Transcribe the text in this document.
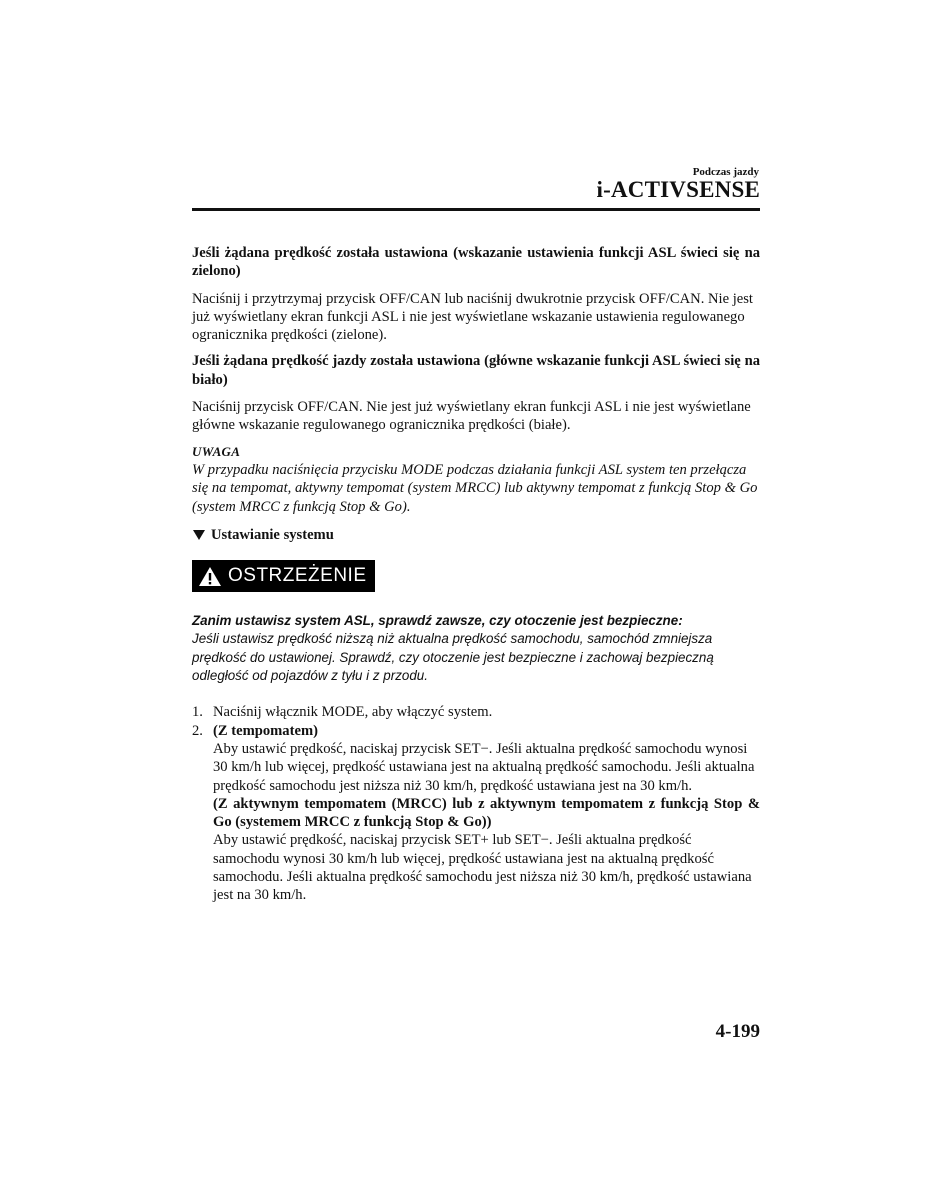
Podczas jazdy
i-ACTIVSENSE

Jeśli żądana prędkość została ustawiona (wskazanie ustawienia funkcji ASL świeci się na zielono)

Naciśnij i przytrzymaj przycisk OFF/CAN lub naciśnij dwukrotnie przycisk OFF/CAN. Nie jest już wyświetlany ekran funkcji ASL i nie jest wyświetlane wskazanie ustawienia regulowanego ogranicznika prędkości (zielone).

Jeśli żądana prędkość jazdy została ustawiona (główne wskazanie funkcji ASL świeci się na biało)

Naciśnij przycisk OFF/CAN. Nie jest już wyświetlany ekran funkcji ASL i nie jest wyświetlane główne wskazanie regulowanego ogranicznika prędkości (białe).

UWAGA

W przypadku naciśnięcia przycisku MODE podczas działania funkcji ASL system ten przełącza się na tempomat, aktywny tempomat (system MRCC) lub aktywny tempomat z funkcją Stop & Go (system MRCC z funkcją Stop & Go).

Ustawianie systemu
OSTRZEŻENIE
Zanim ustawisz system ASL, sprawdź zawsze, czy otoczenie jest bezpieczne:
Jeśli ustawisz prędkość niższą niż aktualna prędkość samochodu, samochód zmniejsza prędkość do ustawionej. Sprawdź, czy otoczenie jest bezpieczne i zachowaj bezpieczną odległość od pojazdów z tyłu i z przodu.
1. Naciśnij włącznik MODE, aby włączyć system.

2. (Z tempomatem)

Aby ustawić prędkość, naciskaj przycisk SET−. Jeśli aktualna prędkość samochodu wynosi 30 km/h lub więcej, prędkość ustawiana jest na aktualną prędkość samochodu. Jeśli aktualna prędkość samochodu jest niższa niż 30 km/h, prędkość ustawiana jest na 30 km/h.

(Z aktywnym tempomatem (MRCC) lub z aktywnym tempomatem z funkcją Stop & Go (systemem MRCC z funkcją Stop & Go))

Aby ustawić prędkość, naciskaj przycisk SET+ lub SET−. Jeśli aktualna prędkość samochodu wynosi 30 km/h lub więcej, prędkość ustawiana jest na aktualną prędkość samochodu. Jeśli aktualna prędkość samochodu jest niższa niż 30 km/h, prędkość ustawiana jest na 30 km/h.

4-199
